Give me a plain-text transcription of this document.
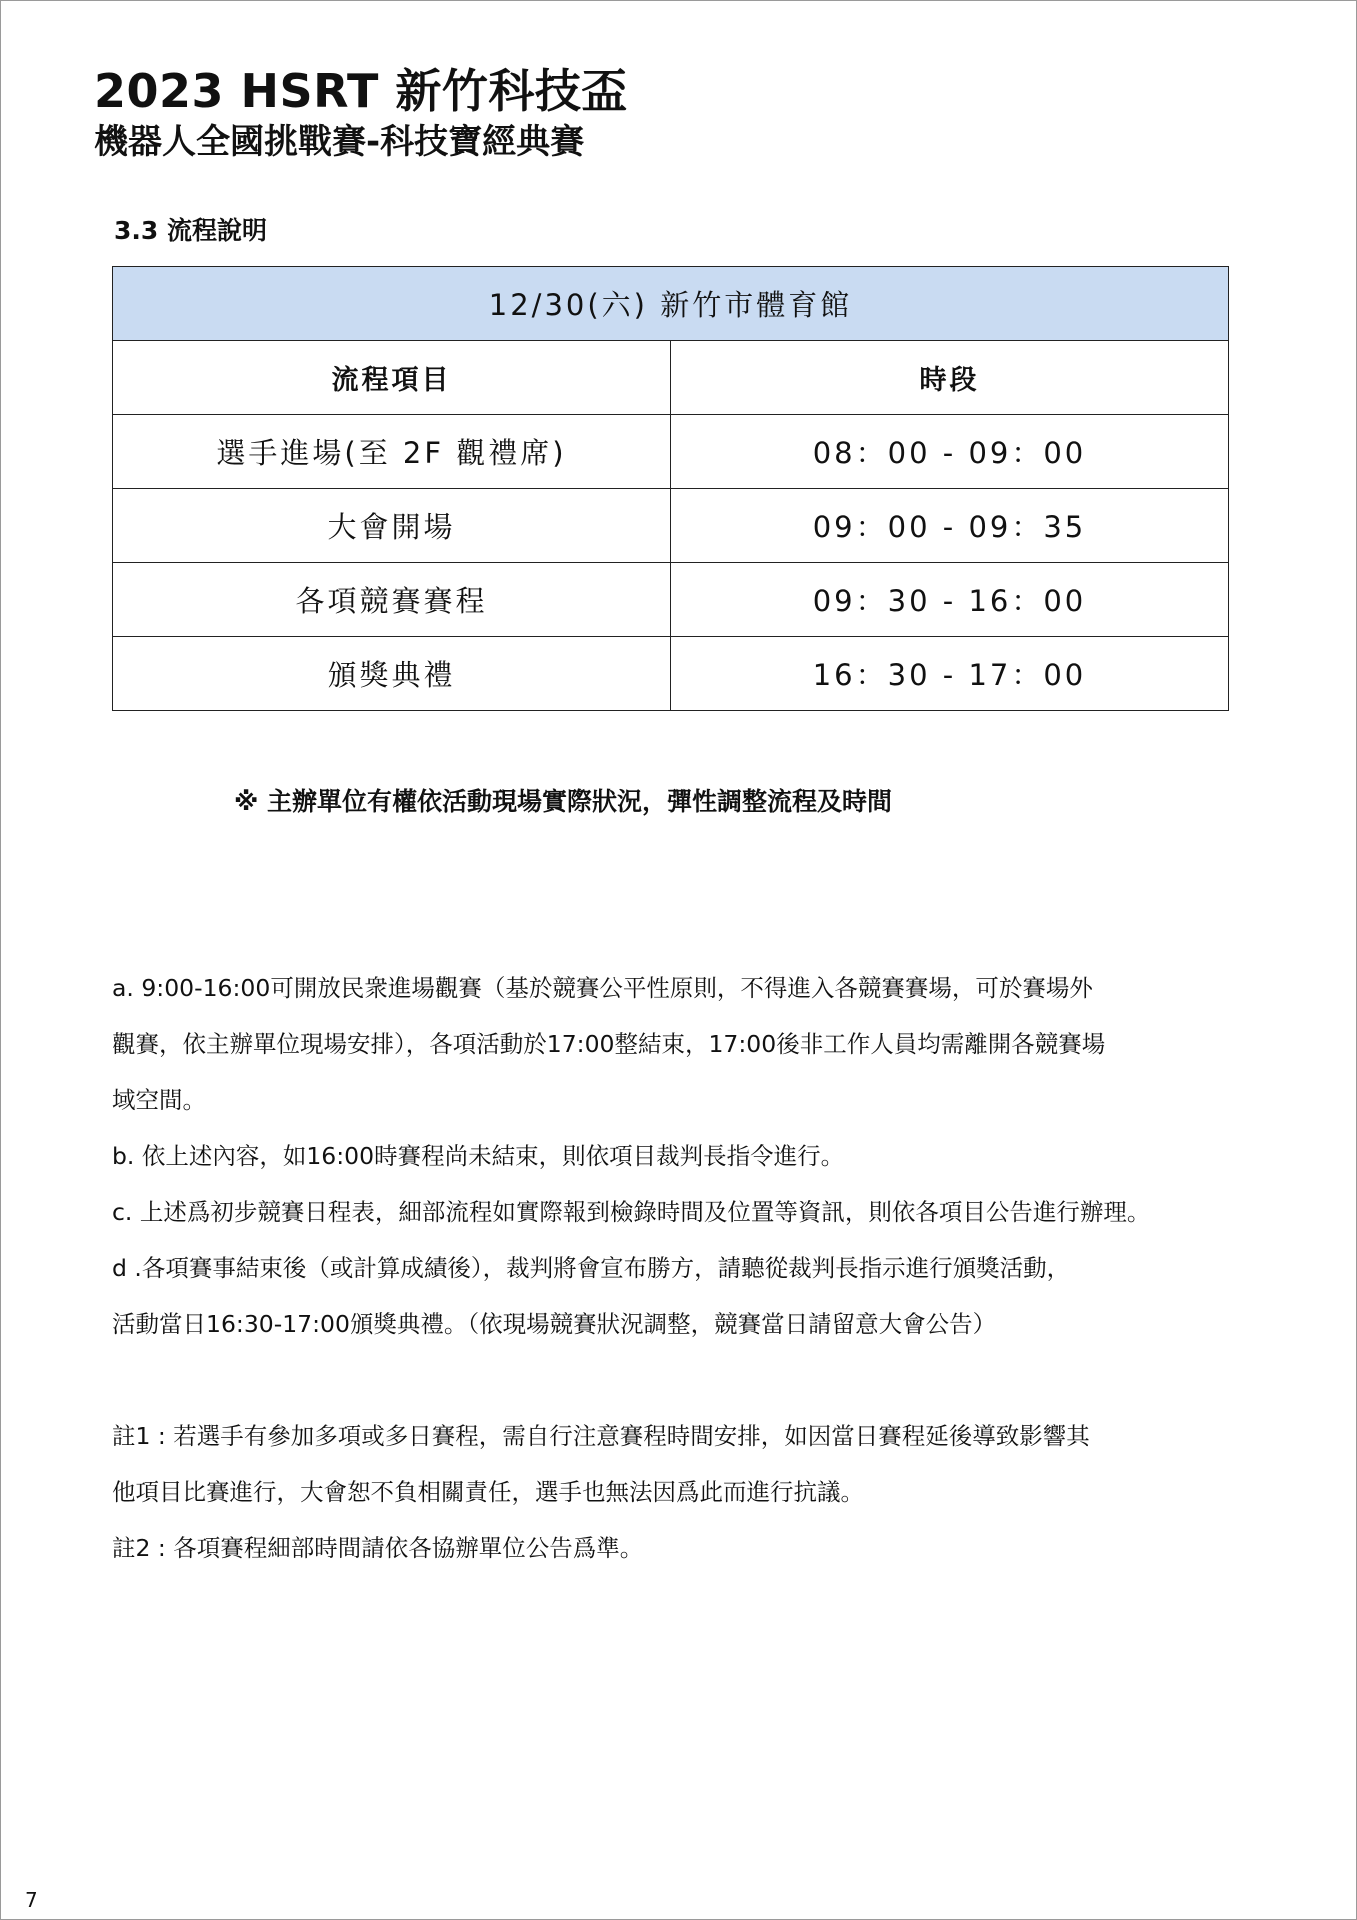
2023 HSRT 新竹科技盃
機器人全國挑戰賽-科技寶經典賽
3.3 流程說明
12/30(六) 新竹市體育館	
流程項目	時段
選手進場(至 2F 觀禮席)	08：00 - 09：00
大會開場	09：00 - 09：35
各項競賽賽程	09：30 - 16：00
頒獎典禮	16：30 - 17：00
※ 主辦單位有權依活動現場實際狀況，彈性調整流程及時間

a. 9:00-16:00可開放民衆進場觀賽（基於競賽公平性原則，不得進入各競賽賽場，可於賽場外

觀賽，依主辦單位現場安排），各項活動於17:00整結束，17:00後非工作人員均需離開各競賽場

域空間。

b. 依上述內容，如16:00時賽程尚未結束，則依項目裁判長指令進行。

c. 上述爲初步競賽日程表，細部流程如實際報到檢錄時間及位置等資訊，則依各項目公告進行辦理。

d .各項賽事結束後（或計算成績後），裁判將會宣布勝方，請聽從裁判長指示進行頒獎活動，

活動當日16:30-17:00頒獎典禮。（依現場競賽狀況調整，競賽當日請留意大會公告）

註1 : 若選手有參加多項或多日賽程，需自行注意賽程時間安排，如因當日賽程延後導致影響其

他項目比賽進行，大會恕不負相關責任，選手也無法因爲此而進行抗議。

註2 : 各項賽程細部時間請依各協辦單位公告爲準。

7
